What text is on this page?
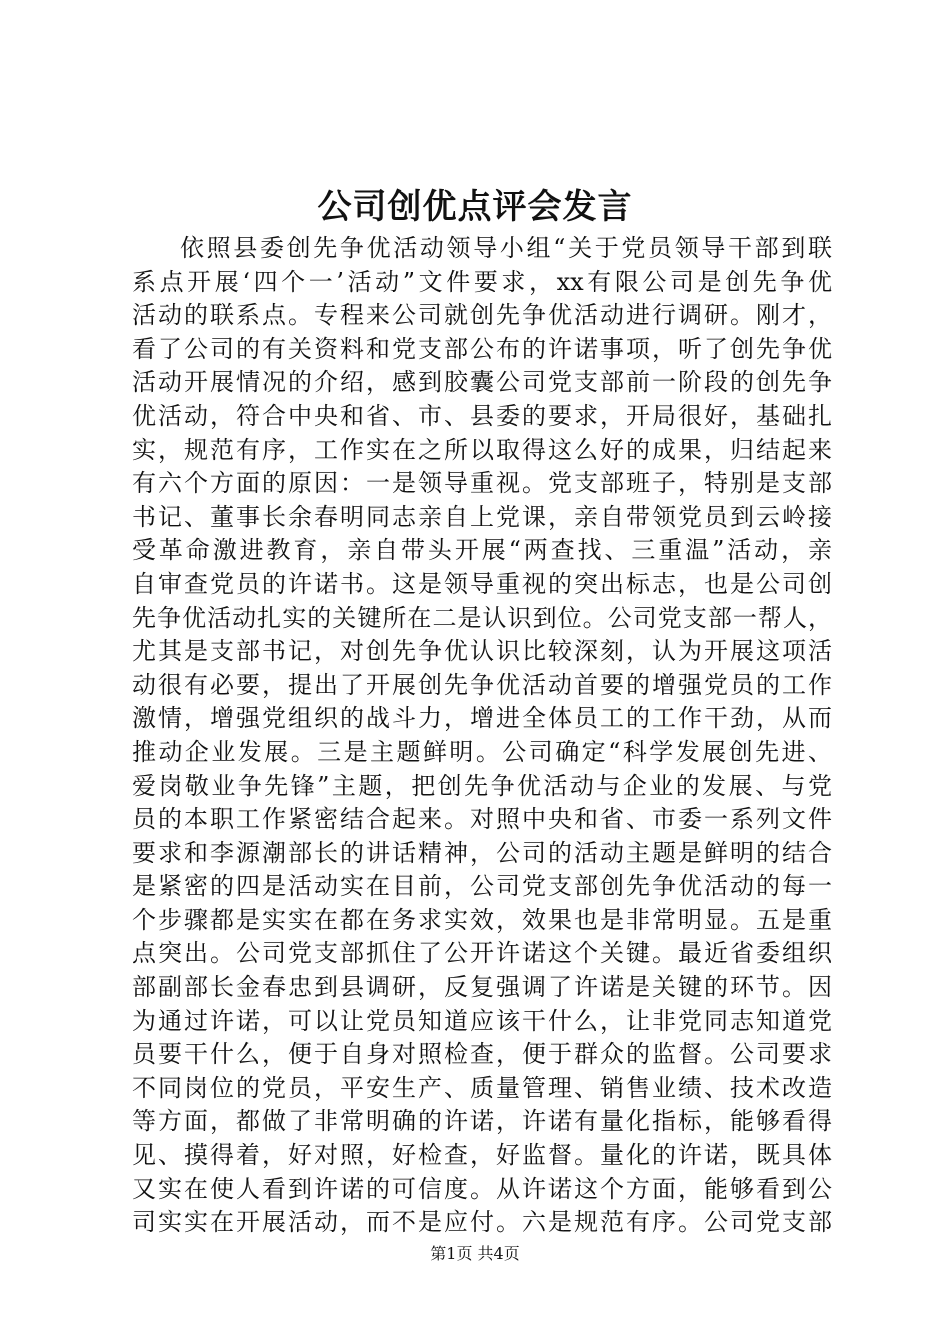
公司创优点评会发言
依照县委创先争优活动领导小组“关于党员领导干部到联
系点开展‘四个一’活动”文件要求，xx有限公司是创先争优
活动的联系点。专程来公司就创先争优活动进行调研。刚才，
看了公司的有关资料和党支部公布的许诺事项，听了创先争优
活动开展情况的介绍，感到胶囊公司党支部前一阶段的创先争
优活动，符合中央和省、市、县委的要求，开局很好，基础扎
实，规范有序，工作实在之所以取得这么好的成果，归结起来
有六个方面的原因：一是领导重视。党支部班子，特别是支部
书记、董事长余春明同志亲自上党课，亲自带领党员到云岭接
受革命激进教育，亲自带头开展“两查找、三重温”活动，亲
自审查党员的许诺书。这是领导重视的突出标志，也是公司创
先争优活动扎实的关键所在二是认识到位。公司党支部一帮人，
尤其是支部书记，对创先争优认识比较深刻，认为开展这项活
动很有必要，提出了开展创先争优活动首要的增强党员的工作
激情，增强党组织的战斗力，增进全体员工的工作干劲，从而
推动企业发展。三是主题鲜明。公司确定“科学发展创先进、
爱岗敬业争先锋”主题，把创先争优活动与企业的发展、与党
员的本职工作紧密结合起来。对照中央和省、市委一系列文件
要求和李源潮部长的讲话精神，公司的活动主题是鲜明的结合
是紧密的四是活动实在目前，公司党支部创先争优活动的每一
个步骤都是实实在都在务求实效，效果也是非常明显。五是重
点突出。公司党支部抓住了公开许诺这个关键。最近省委组织
部副部长金春忠到县调研，反复强调了许诺是关键的环节。因
为通过许诺，可以让党员知道应该干什么，让非党同志知道党
员要干什么，便于自身对照检查，便于群众的监督。公司要求
不同岗位的党员，平安生产、质量管理、销售业绩、技术改造
等方面，都做了非常明确的许诺，许诺有量化指标，能够看得
见、摸得着，好对照，好检查，好监督。量化的许诺，既具体
又实在使人看到许诺的可信度。从许诺这个方面，能够看到公
司实实在开展活动，而不是应付。六是规范有序。公司党支部
第1页 共4页
